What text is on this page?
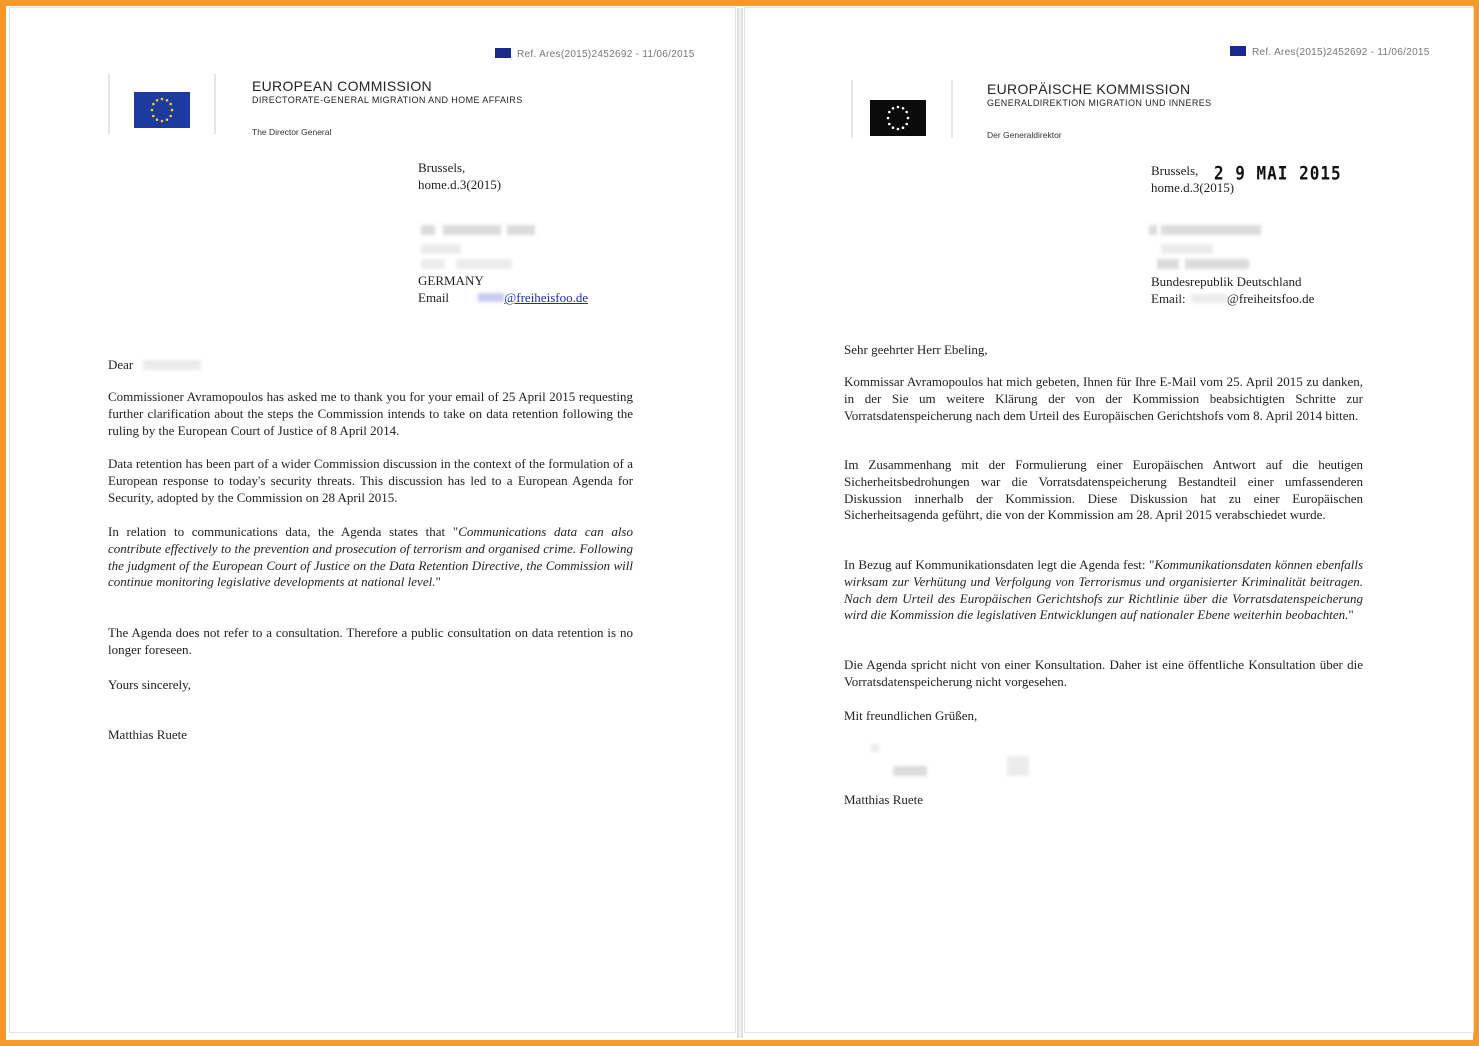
Ref. Ares(2015)2452692 - 11/06/2015
EUROPEAN COMMISSION
DIRECTORATE-GENERAL MIGRATION AND HOME AFFAIRS
The Director General
Brussels,
home.d.3(2015)
GERMANY
Email	@freiheisfoo.de
Dear

Commissioner Avramopoulos has asked me to thank you for your email of 25 April 2015 requesting further clarification about the steps the Commission intends to take on data retention following the ruling by the European Court of Justice of 8 April 2014.

Data retention has been part of a wider Commission discussion in the context of the formulation of a European response to today's security threats. This discussion has led to a European Agenda for Security, adopted by the Commission on 28 April 2015.

In relation to communications data, the Agenda states that "Communications data can also contribute effectively to the prevention and prosecution of terrorism and organised crime. Following the judgment of the European Court of Justice on the Data Retention Directive, the Commission will continue monitoring legislative developments at national level."

The Agenda does not refer to a consultation. Therefore a public consultation on data retention is no longer foreseen.

Yours sincerely,
Matthias Ruete
Ref. Ares(2015)2452692 - 11/06/2015
EUROPÄISCHE KOMMISSION
GENERALDIREKTION MIGRATION UND INNERES
Der Generaldirektor
Brussels, 2 9 MAI 2015
home.d.3(2015)
Bundesrepublik Deutschland
Email:	@freiheitsfoo.de
Sehr geehrter Herr Ebeling,

Kommissar Avramopoulos hat mich gebeten, Ihnen für Ihre E-Mail vom 25. April 2015 zu danken, in der Sie um weitere Klärung der von der Kommission beabsichtigten Schritte zur Vorratsdatenspeicherung nach dem Urteil des Europäischen Gerichtshofs vom 8. April 2014 bitten.

Im Zusammenhang mit der Formulierung einer Europäischen Antwort auf die heutigen Sicherheitsbedrohungen war die Vorratsdatenspeicherung Bestandteil einer umfassenderen Diskussion innerhalb der Kommission. Diese Diskussion hat zu einer Europäischen Sicherheitsagenda geführt, die von der Kommission am 28. April 2015 verabschiedet wurde.

In Bezug auf Kommunikationsdaten legt die Agenda fest: "Kommunikationsdaten können ebenfalls wirksam zur Verhütung und Verfolgung von Terrorismus und organisierter Kriminalität beitragen. Nach dem Urteil des Europäischen Gerichtshofs zur Richtlinie über die Vorratsdatenspeicherung wird die Kommission die legislativen Entwicklungen auf nationaler Ebene weiterhin beobachten."

Die Agenda spricht nicht von einer Konsultation. Daher ist eine öffentliche Konsultation über die Vorratsdatenspeicherung nicht vorgesehen.

Mit freundlichen Grüßen,
Matthias Ruete
